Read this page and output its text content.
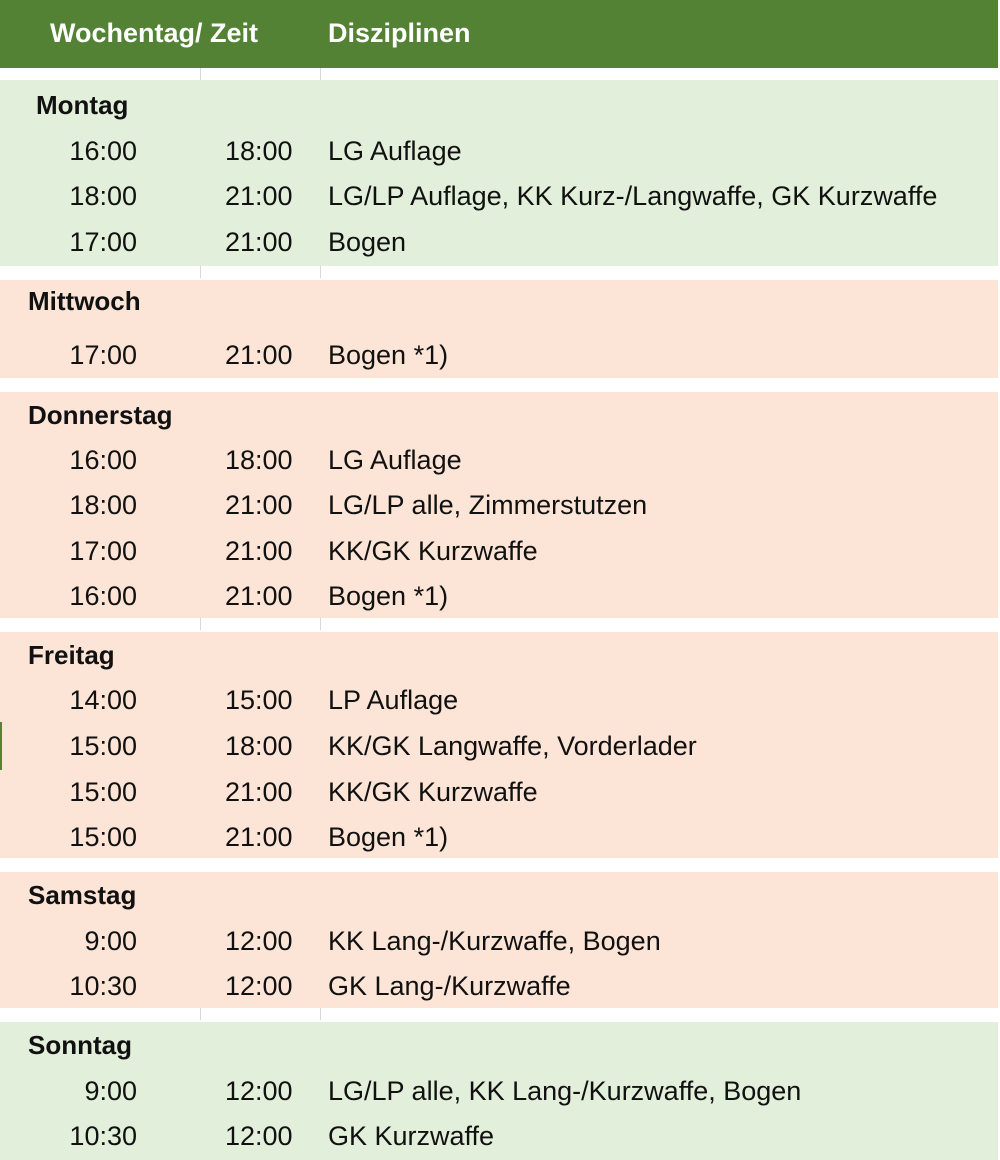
Wochentag/ Zeit	Disziplinen
Montag
16:00	18:00 LG Auflage
18:00	21:00 LG/LP Auflage, KK Kurz-/Langwaffe, GK Kurzwaffe
17:00	21:00 Bogen
Mittwoch
17:00	21:00 Bogen *1)
Donnerstag
16:00	18:00 LG Auflage
18:00	21:00 LG/LP alle, Zimmerstutzen
17:00	21:00 KK/GK Kurzwaffe
16:00	21:00 Bogen *1)
Freitag
14:00	15:00 LP Auflage
15:00	18:00 KK/GK Langwaffe, Vorderlader
15:00	21:00 KK/GK Kurzwaffe
15:00	21:00 Bogen *1)
Samstag
9:00	12:00 KK Lang-/Kurzwaffe, Bogen
10:30	12:00 GK Lang-/Kurzwaffe
Sonntag
9:00	12:00 LG/LP alle, KK Lang-/Kurzwaffe, Bogen
10:30	12:00 GK Kurzwaffe
